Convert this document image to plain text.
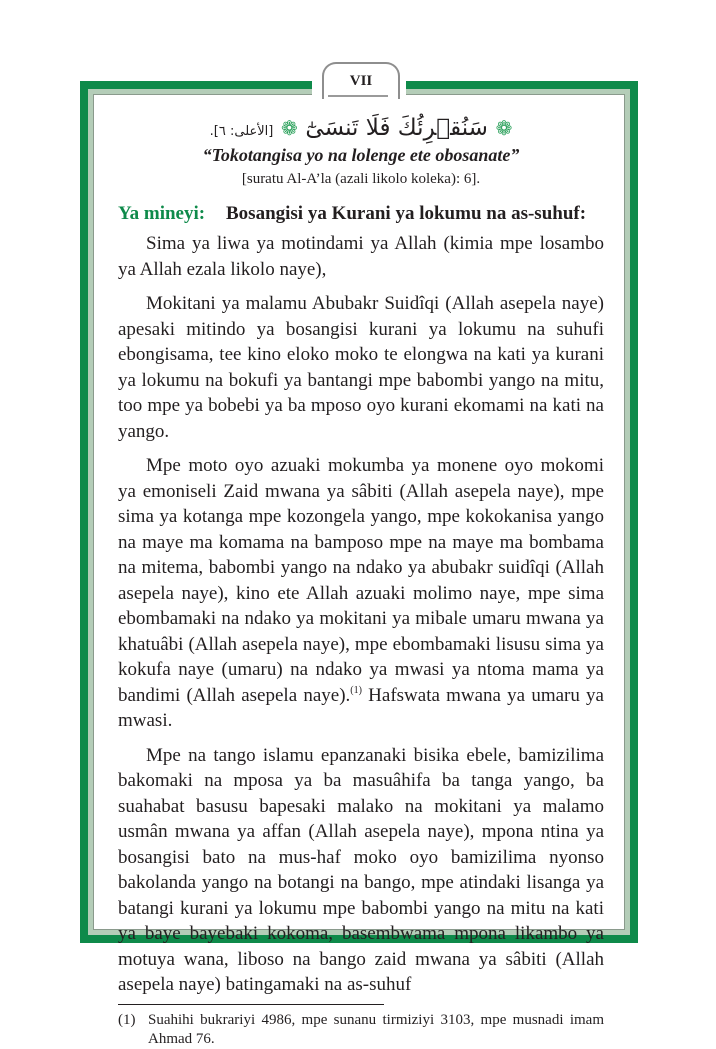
VII
❁ سَنُقۡرِئُكَ فَلَا تَنسَىٰٓ ❁ [الأعلى: ٦].
“Tokotangisa yo na lolenge ete obosanate”
[suratu Al-A’la (azali likolo koleka): 6].
Ya mineyi:	Bosangisi ya Kurani ya lokumu na as-suhuf:

Sima ya liwa ya motindami ya Allah (kimia mpe losambo ya Allah ezala likolo naye),

Mokitani ya malamu Abubakr Suidîqi (Allah asepela naye) apesaki mitindo ya bosangisi kurani ya lokumu na suhufi ebongisama, tee kino eloko moko te elongwa na kati ya kurani ya lokumu na bokufi ya bantangi mpe babombi yango na mitu, too mpe ya bobebi ya ba mposo oyo kurani ekomami na kati na yango.

Mpe moto oyo azuaki mokumba ya monene oyo mokomi ya emoniseli Zaid mwana ya sâbiti (Allah asepela naye), mpe sima ya kotanga mpe kozongela yango, mpe kokokanisa yango na maye ma komama na bamposo mpe na maye ma bombama na mitema, babombi yango na ndako ya abubakr suidîqi (Allah asepela naye), kino ete Allah azuaki molimo naye, mpe sima ebombamaki na ndako ya mokitani ya mibale umaru mwana ya khatuâbi (Allah asepela naye), mpe ebombamaki lisusu sima ya kokufa naye (umaru) na ndako ya mwasi ya ntoma mama ya bandimi (Allah asepela naye).$^{(1)}$ Hafswata mwana ya umaru ya mwasi.

Mpe na tango islamu epanzanaki bisika ebele, bamizilima bakomaki na mposa ya ba masuâhifa ba tanga yango, ba suahabat basusu bapesaki malako na mokitani ya malamo usmân mwana ya affan (Allah asepela naye), mpona ntina ya bosangisi bato na mus-haf moko oyo bamizilima nyonso bakolanda yango na botangi na bango, mpe atindaki lisanga ya batangi kurani ya lokumu mpe babombi yango na mitu na kati ya baye bayebaki kokoma, basembwama mpona likambo ya motuya wana, liboso na bango zaid mwana ya sâbiti (Allah asepela naye) batingamaki na as-suhuf

(1) Suahihi bukrariyi 4986, mpe sunanu tirmiziyi 3103, mpe musnadi imam Ahmad 76.
